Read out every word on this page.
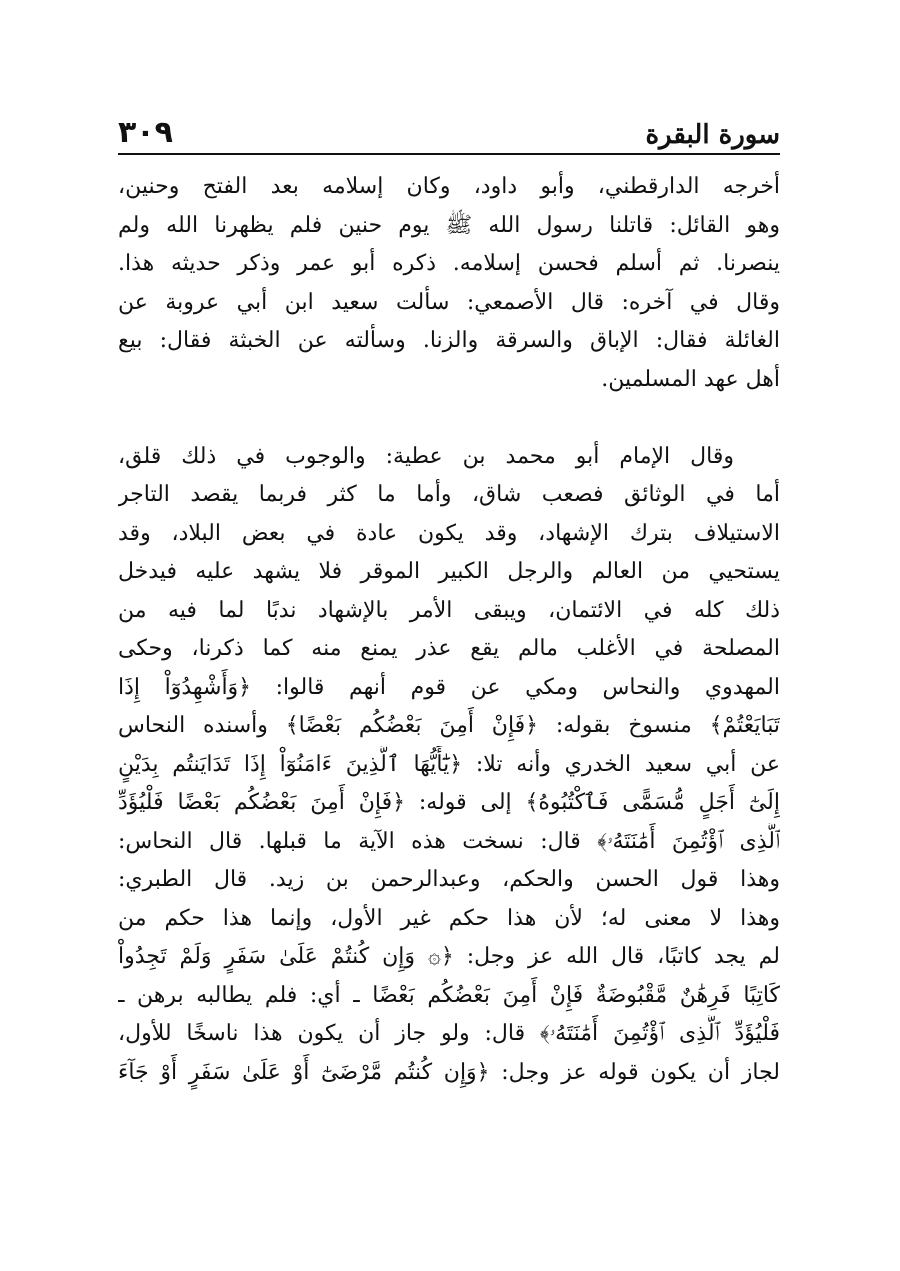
سورة البقرة
٣٠٩
أخرجه الدارقطني، وأبو داود، وكان إسلامه بعد الفتح وحنين،
وهو القائل: قاتلنا رسول الله ﷺ يوم حنين فلم يظهرنا الله ولم
ينصرنا. ثم أسلم فحسن إسلامه. ذكره أبو عمر وذكر حديثه هذا.
وقال في آخره: قال الأصمعي: سألت سعيد ابن أبي عروبة عن
الغائلة فقال: الإباق والسرقة والزنا. وسألته عن الخبثة فقال: بيع
أهل عهد المسلمين.
وقال الإمام أبو محمد بن عطية: والوجوب في ذلك قلق،
أما في الوثائق فصعب شاق، وأما ما كثر فربما يقصد التاجر
الاستيلاف بترك الإشهاد، وقد يكون عادة في بعض البلاد، وقد
يستحيي من العالم والرجل الكبير الموقر فلا يشهد عليه فيدخل
ذلك كله في الائتمان، ويبقى الأمر بالإشهاد ندبًا لما فيه من
المصلحة في الأغلب مالم يقع عذر يمنع منه كما ذكرنا، وحكى
المهدوي والنحاس ومكي عن قوم أنهم قالوا: ﴿وَأَشْهِدُوٓاْ إِذَا
تَبَايَعْتُمْ﴾ منسوخ بقوله: ﴿فَإِنْ أَمِنَ بَعْضُكُم بَعْضًا﴾ وأسنده النحاس
عن أبي سعيد الخدري وأنه تلا: ﴿يَٰٓأَيُّهَا ٱلَّذِينَ ءَامَنُوٓاْ إِذَا تَدَايَنتُم بِدَيْنٍ
إِلَىٰٓ أَجَلٍ مُّسَمًّى فَٱكْتُبُوهُ﴾ إلى قوله: ﴿فَإِنْ أَمِنَ بَعْضُكُم بَعْضًا فَلْيُؤَدِّ
ٱلَّذِى ٱؤْتُمِنَ أَمَٰنَتَهُۥ﴾ قال: نسخت هذه الآية ما قبلها. قال النحاس:
وهذا قول الحسن والحكم، وعبدالرحمن بن زيد. قال الطبري:
وهذا لا معنى له؛ لأن هذا حكم غير الأول، وإنما هذا حكم من
لم يجد كاتبًا، قال الله عز وجل: ﴿۞ وَإِن كُنتُمْ عَلَىٰ سَفَرٍ وَلَمْ تَجِدُواْ
كَاتِبًا فَرِهَٰنٌ مَّقْبُوضَةٌ فَإِنْ أَمِنَ بَعْضُكُم بَعْضًا ـ أي: فلم يطالبه برهن ـ
فَلْيُؤَدِّ ٱلَّذِى ٱؤْتُمِنَ أَمَٰنَتَهُۥ﴾ قال: ولو جاز أن يكون هذا ناسخًا للأول،
لجاز أن يكون قوله عز وجل: ﴿وَإِن كُنتُم مَّرْضَىٰٓ أَوْ عَلَىٰ سَفَرٍ أَوْ جَآءَ
